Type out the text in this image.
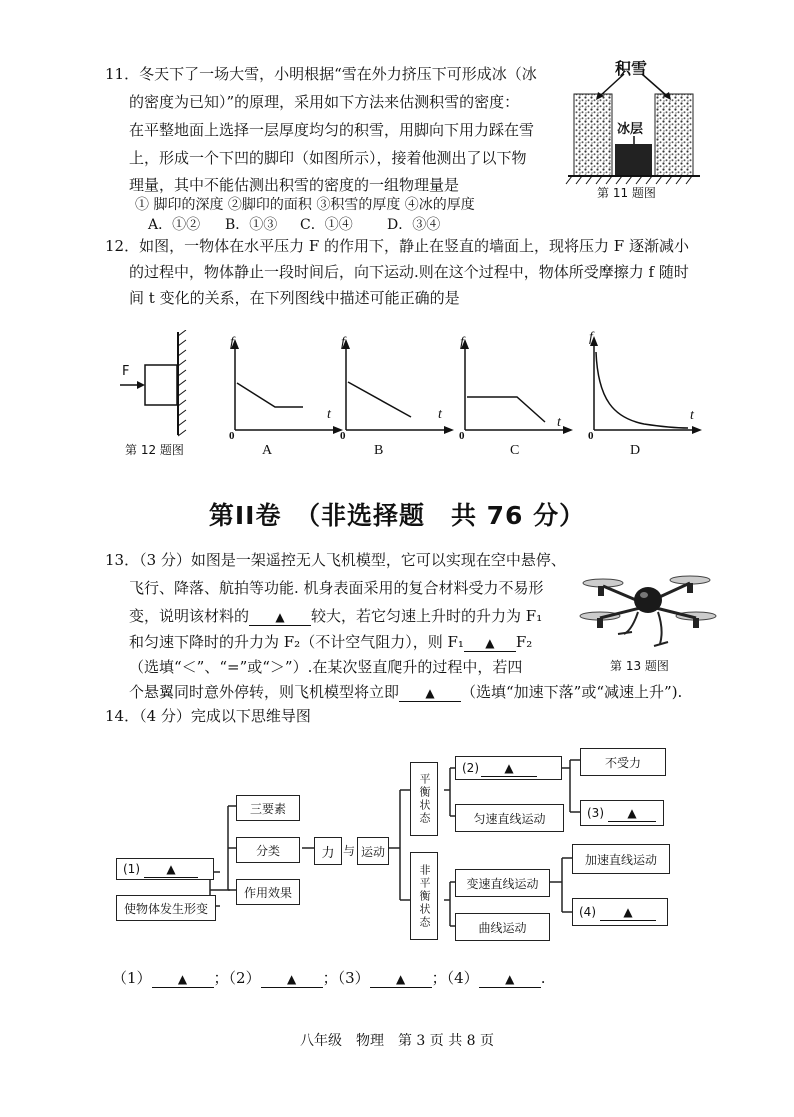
11．冬天下了一场大雪，小明根据“雪在外力挤压下可形成冰（冰
的密度为已知）”的原理，采用如下方法来估测积雪的密度：
在平整地面上选择一层厚度均匀的积雪，用脚向下用力踩在雪
上，形成一个下凹的脚印（如图所示），接着他测出了以下物
理量，其中不能估测出积雪的密度的一组物理量是
① 脚印的深度 ②脚印的面积 ③积雪的厚度 ④冰的厚度
A．①② B．①③ C．①④ D．③④
积雪
冰层
第 11 题图
12．如图，一物体在水平压力 F 的作用下，静止在竖直的墙面上，现将压力 F 逐渐减小
的过程中，物体静止一段时间后，向下运动.则在这个过程中，物体所受摩擦力 f 随时
间 t 变化的关系，在下列图线中描述可能正确的是
F
第 12 题图
f
t
0
A
f
t
0
B
f
t
0
C
f
t
0
D
第II卷　（非选择题　共 76 分）
13．（3 分）如图是一架遥控无人飞机模型，它可以实现在空中悬停、
飞行、降落、航拍等功能. 机身表面采用的复合材料受力不易形
变，说明该材料的 ▲ 较大，若它匀速上升时的升力为 F₁
和匀速下降时的升力为 F₂（不计空气阻力），则 F₁ ▲ F₂
（选填“＜”、“=”或“＞”）.在某次竖直爬升的过程中，若四
个悬翼同时意外停转，则飞机模型将立即 ▲ （选填“加速下落”或“减速上升”).
第 13 题图
14．（4 分）完成以下思维导图
三要素
分类
作用效果
(1)	▲
使物体发生形变
力 与 运动
平衡状态
非平衡状态
(2)	▲
匀速直线运动
不受力
(3)	▲
变速直线运动
曲线运动
加速直线运动
(4)	▲
（1） ▲ ；（2） ▲ ；（3） ▲ ；（4） ▲ .
八年级　物理　第 3 页 共 8 页
